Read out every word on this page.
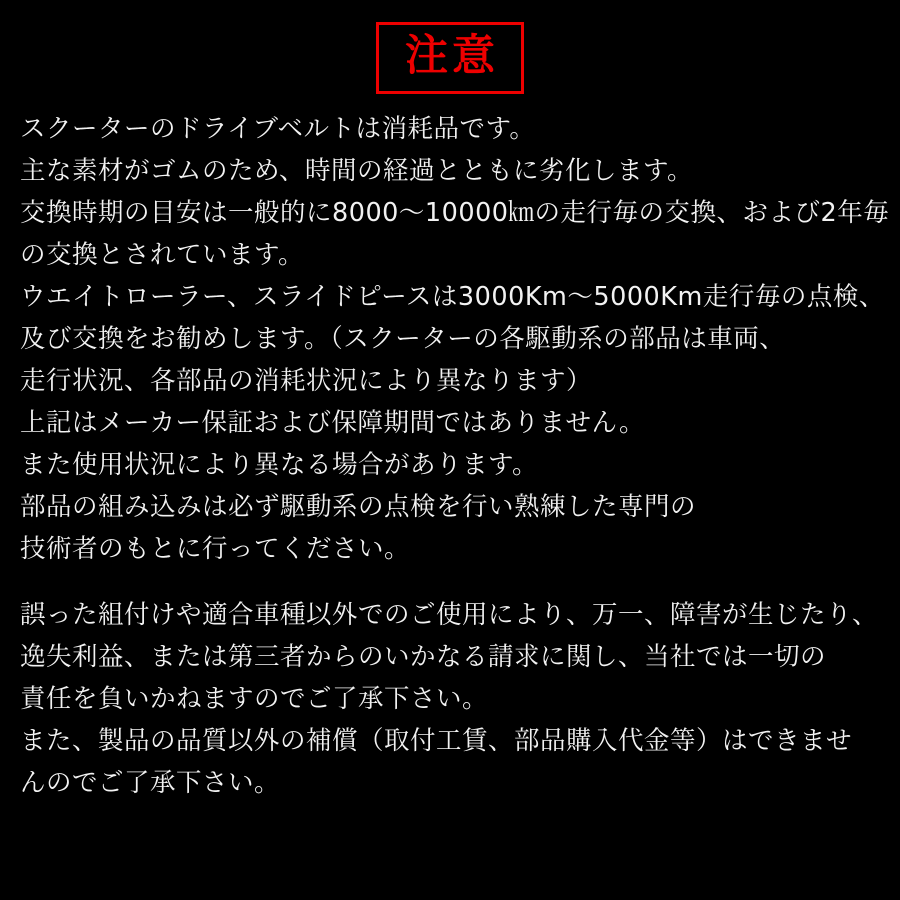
注意
スクーターのドライブベルトは消耗品です。
主な素材がゴムのため、時間の経過とともに劣化します。
交換時期の目安は一般的に8000〜10000㎞の走行毎の交換、および2年毎
の交換とされています。
ウエイトローラー、スライドピースは3000Km〜5000Km走行毎の点検、
及び交換をお勧めします。（スクーターの各駆動系の部品は車両、
走行状況、各部品の消耗状況により異なります）
上記はメーカー保証および保障期間ではありません。
また使用状況により異なる場合があります。
部品の組み込みは必ず駆動系の点検を行い熟練した専門の
技術者のもとに行ってください。
誤った組付けや適合車種以外でのご使用により、万一、障害が生じたり、
逸失利益、または第三者からのいかなる請求に関し、当社では一切の
責任を負いかねますのでご了承下さい。
また、製品の品質以外の補償（取付工賃、部品購入代金等）はできませ
んのでご了承下さい。
